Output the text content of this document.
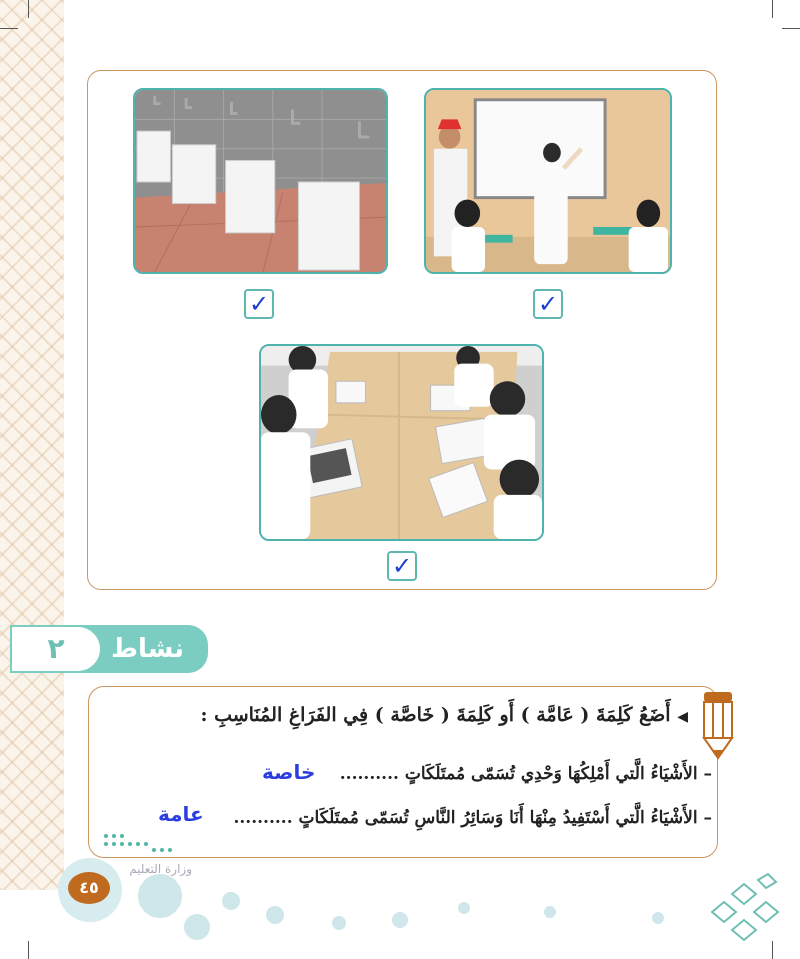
✓	✓
✓
٢	نشاط
◀ أَضَعُ كَلِمَةَ ( عَامَّة ) أَو كَلِمَةَ ( خَاصَّة ) فِي الفَرَاغِ المُنَاسِبِ :
– الأَشْيَاءُ الَّتي أَمْلِكُهَا وَحْدِي تُسَمّى مُمتَلَكَاتٍ ..........
خاصة
– الأَشْيَاءُ الَّتي أَسْتَفِيدُ مِنْهَا أَنَا وَسَائِرُ النَّاسِ تُسَمّى مُمتَلَكَاتٍ ..........
عامة
وزارة التعليم
٤٥
